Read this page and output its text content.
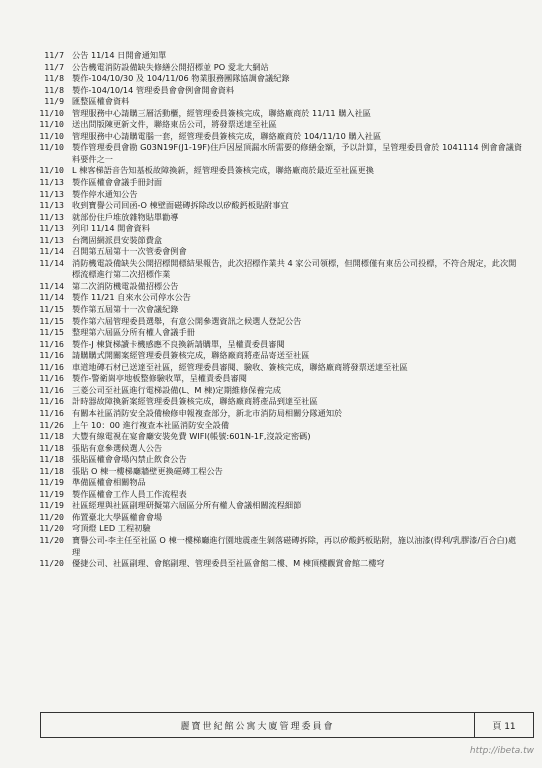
11/7 公告 11/14 日開會通知單
11/7 公告機電消防設備缺失修繕公開招標並 PO 愛北大網站
11/8 製作-104/10/30 及 104/11/06 物業服務團隊協調會議紀錄
11/8 製作-104/10/14 管理委員會會例會開會資料
11/9 匯整區權會資料
11/10 管理服務中心請購三層活動櫃，經管理委員簽核完成，聯絡廠商於 11/11 購入社區
11/10 送出問版陳更新文件，聯絡東岳公司，將發票送達至社區
11/10 管理服務中心請購電腦一套，經管理委員簽核完成，聯絡廠商於 104/11/10 購入社區
11/10 製作管理委員會勘 G03N19F(J1-19F)住戶因屋頂漏水所需要的修繕金額，予以計算，呈管理委員會於 1041114 例會會議資料要件之一
11/10 L 棟客梯語音告知基板故障換新，經管理委員簽核完成，聯絡廠商於最近至社區更換
11/13 製作區權會會議手冊封面
11/13 製作停水通知公告
11/13 收到寶譽公司回函-O 棟壁面磁磚拆除改以矽酸鈣板貼附事宜
11/13 就部份住戶堆放雜物貼單勸導
11/13 列印 11/14 開會資料
11/13 台灣固網派員安裝節費盒
11/14 召開第五屆第十一次管委會例會
11/14 消防機電設備缺失公開招標開標結果報告，此次招標作業共 4 家公司領標，但開標僅有東岳公司投標，不符合規定，此次開標流標進行第二次招標作業
11/14 第二次消防機電設備招標公告
11/14 製作 11/21 自來水公司停水公告
11/15 製作第五屆第十一次會議紀錄
11/15 製作第六屆管理委員選舉，有意公開參選資訊之候選人登記公告
11/15 整理第六屆區分所有權人會議手冊
11/16 製作-J 棟貨梯讀卡機感應不良換新請購單，呈權責委員審閱
11/16 請購購式開關案經管理委員簽核完成，聯絡廠商將產品寄送至社區
11/16 車道地磚石材已送達至社區，經管理委員審閱、驗收、簽核完成，聯絡廠商將發票送達至社區
11/16 製作-警衛崗亭地板整修驗收單，呈權責委員審閱
11/16 三菱公司至社區進行電梯設備(L、M 棟)定期維修保養完成
11/16 計時器故障換新案經管理委員簽核完成，聯絡廠商將產品到達至社區
11/16 有關本社區消防安全設備檢修申報複查部分，新北市消防局相關分隊通知於
11/26 上午 10：00 進行複查本社區消防安全設備
11/18 大豐有線電視在宴會廳安裝免費 WIFI(帳號:601N-1F,沒設定密碼)
11/18 張貼有意參選候選人公告
11/18 張貼區權會會場內禁止飲食公告
11/18 張貼 O 棟一樓梯廳牆壁更換磁磚工程公告
11/19 準備區權會相關物品
11/19 製作區權會工作人員工作流程表
11/19 社區經理與社區副理研擬第六屆區分所有權人會議相關流程細節
11/20 佈置臺北大學區權會會場
11/20 穹頂燈 LED 工程初驗
11/20 寶譽公司-李主任至社區 O 棟一樓梯廳進行園地震產生剝落磁磚拆除，再以矽酸鈣板貼附，施以油漆(得利/乳膠漆/百合白)處理
11/20 優捷公司、社區副理、會館副理、管理委員至社區會館二樓、M 棟頂樓觀賞會館二樓穹
麗寶世紀館公寓大廈管理委員會	頁 11
http://ibeta.tw
